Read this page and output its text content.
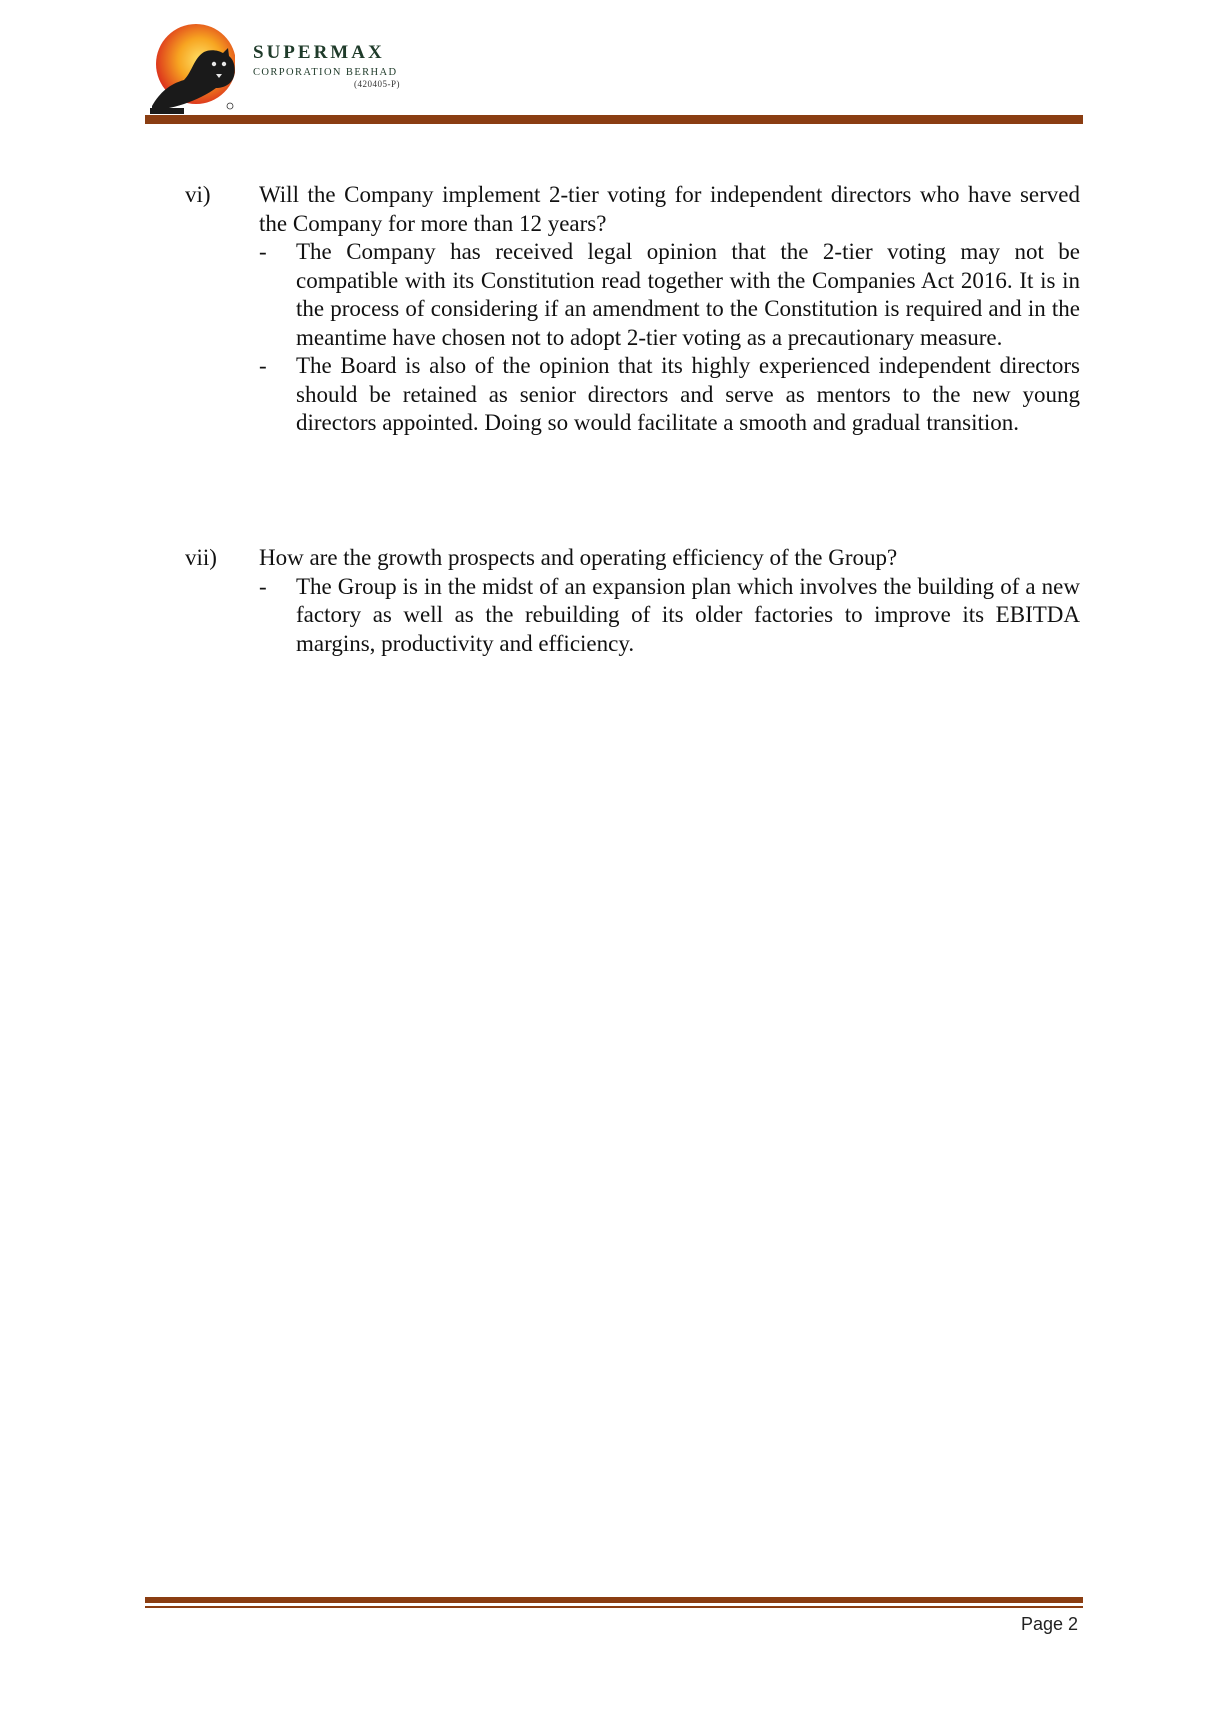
SUPERMAX
CORPORATION BERHAD
(420405-P)
vi) Will the Company implement 2-tier voting for independent directors who have served the Company for more than 12 years?
- The Company has received legal opinion that the 2-tier voting may not be compatible with its Constitution read together with the Companies Act 2016. It is in the process of considering if an amendment to the Constitution is required and in the meantime have chosen not to adopt 2-tier voting as a precautionary measure.
- The Board is also of the opinion that its highly experienced independent directors should be retained as senior directors and serve as mentors to the new young directors appointed. Doing so would facilitate a smooth and gradual transition.
vii) How are the growth prospects and operating efficiency of the Group?
- The Group is in the midst of an expansion plan which involves the building of a new factory as well as the rebuilding of its older factories to improve its EBITDA margins, productivity and efficiency.
Page 2
